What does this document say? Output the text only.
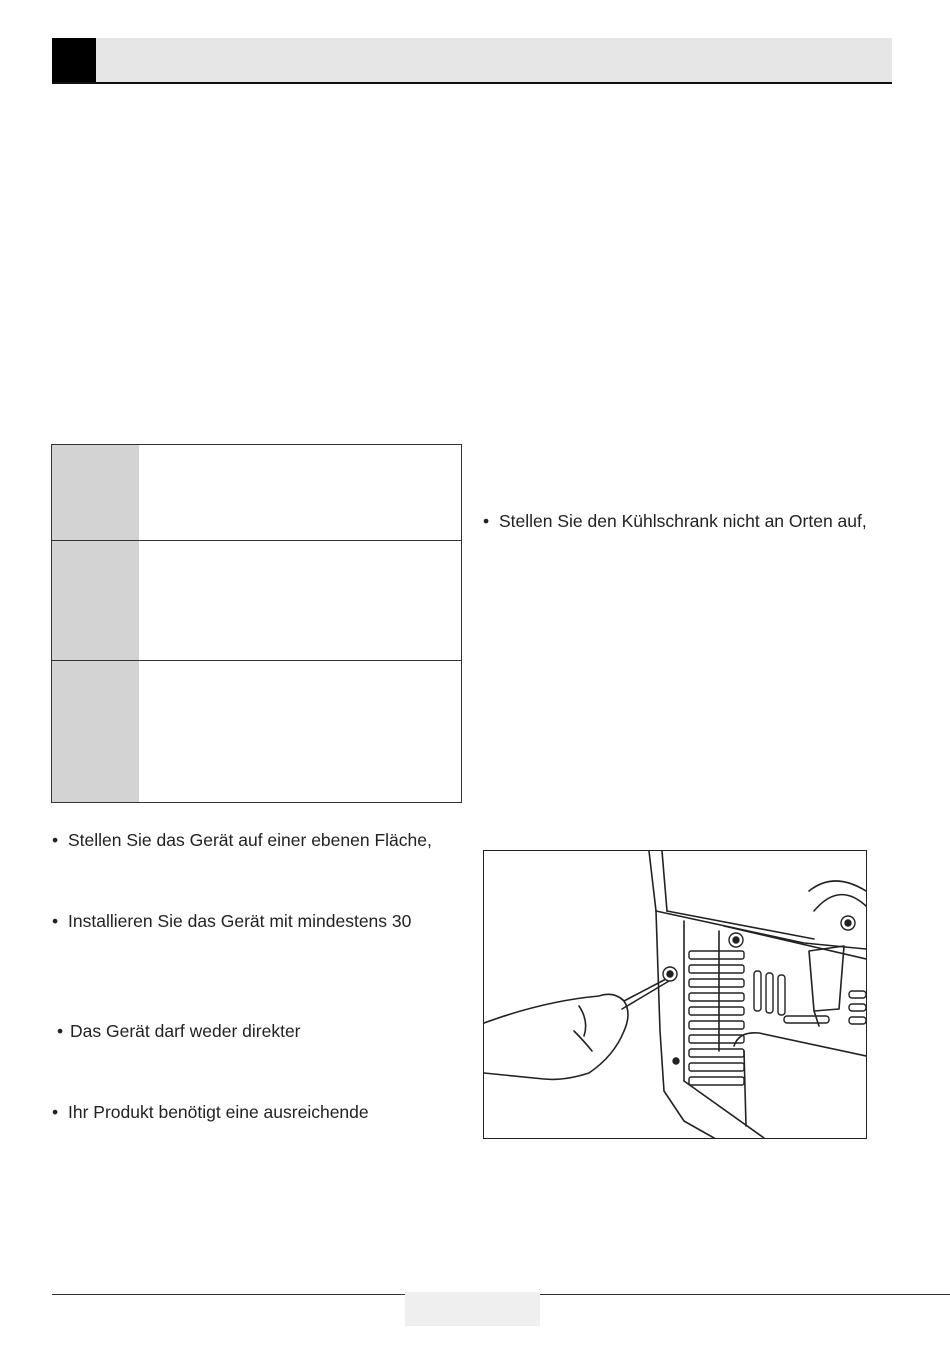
• Stellen Sie den Kühlschrank nicht an Orten auf,
• Stellen Sie das Gerät auf einer ebenen Fläche,
• Installieren Sie das Gerät mit mindestens 30
• Das Gerät darf weder direkter
• Ihr Produkt benötigt eine ausreichende
